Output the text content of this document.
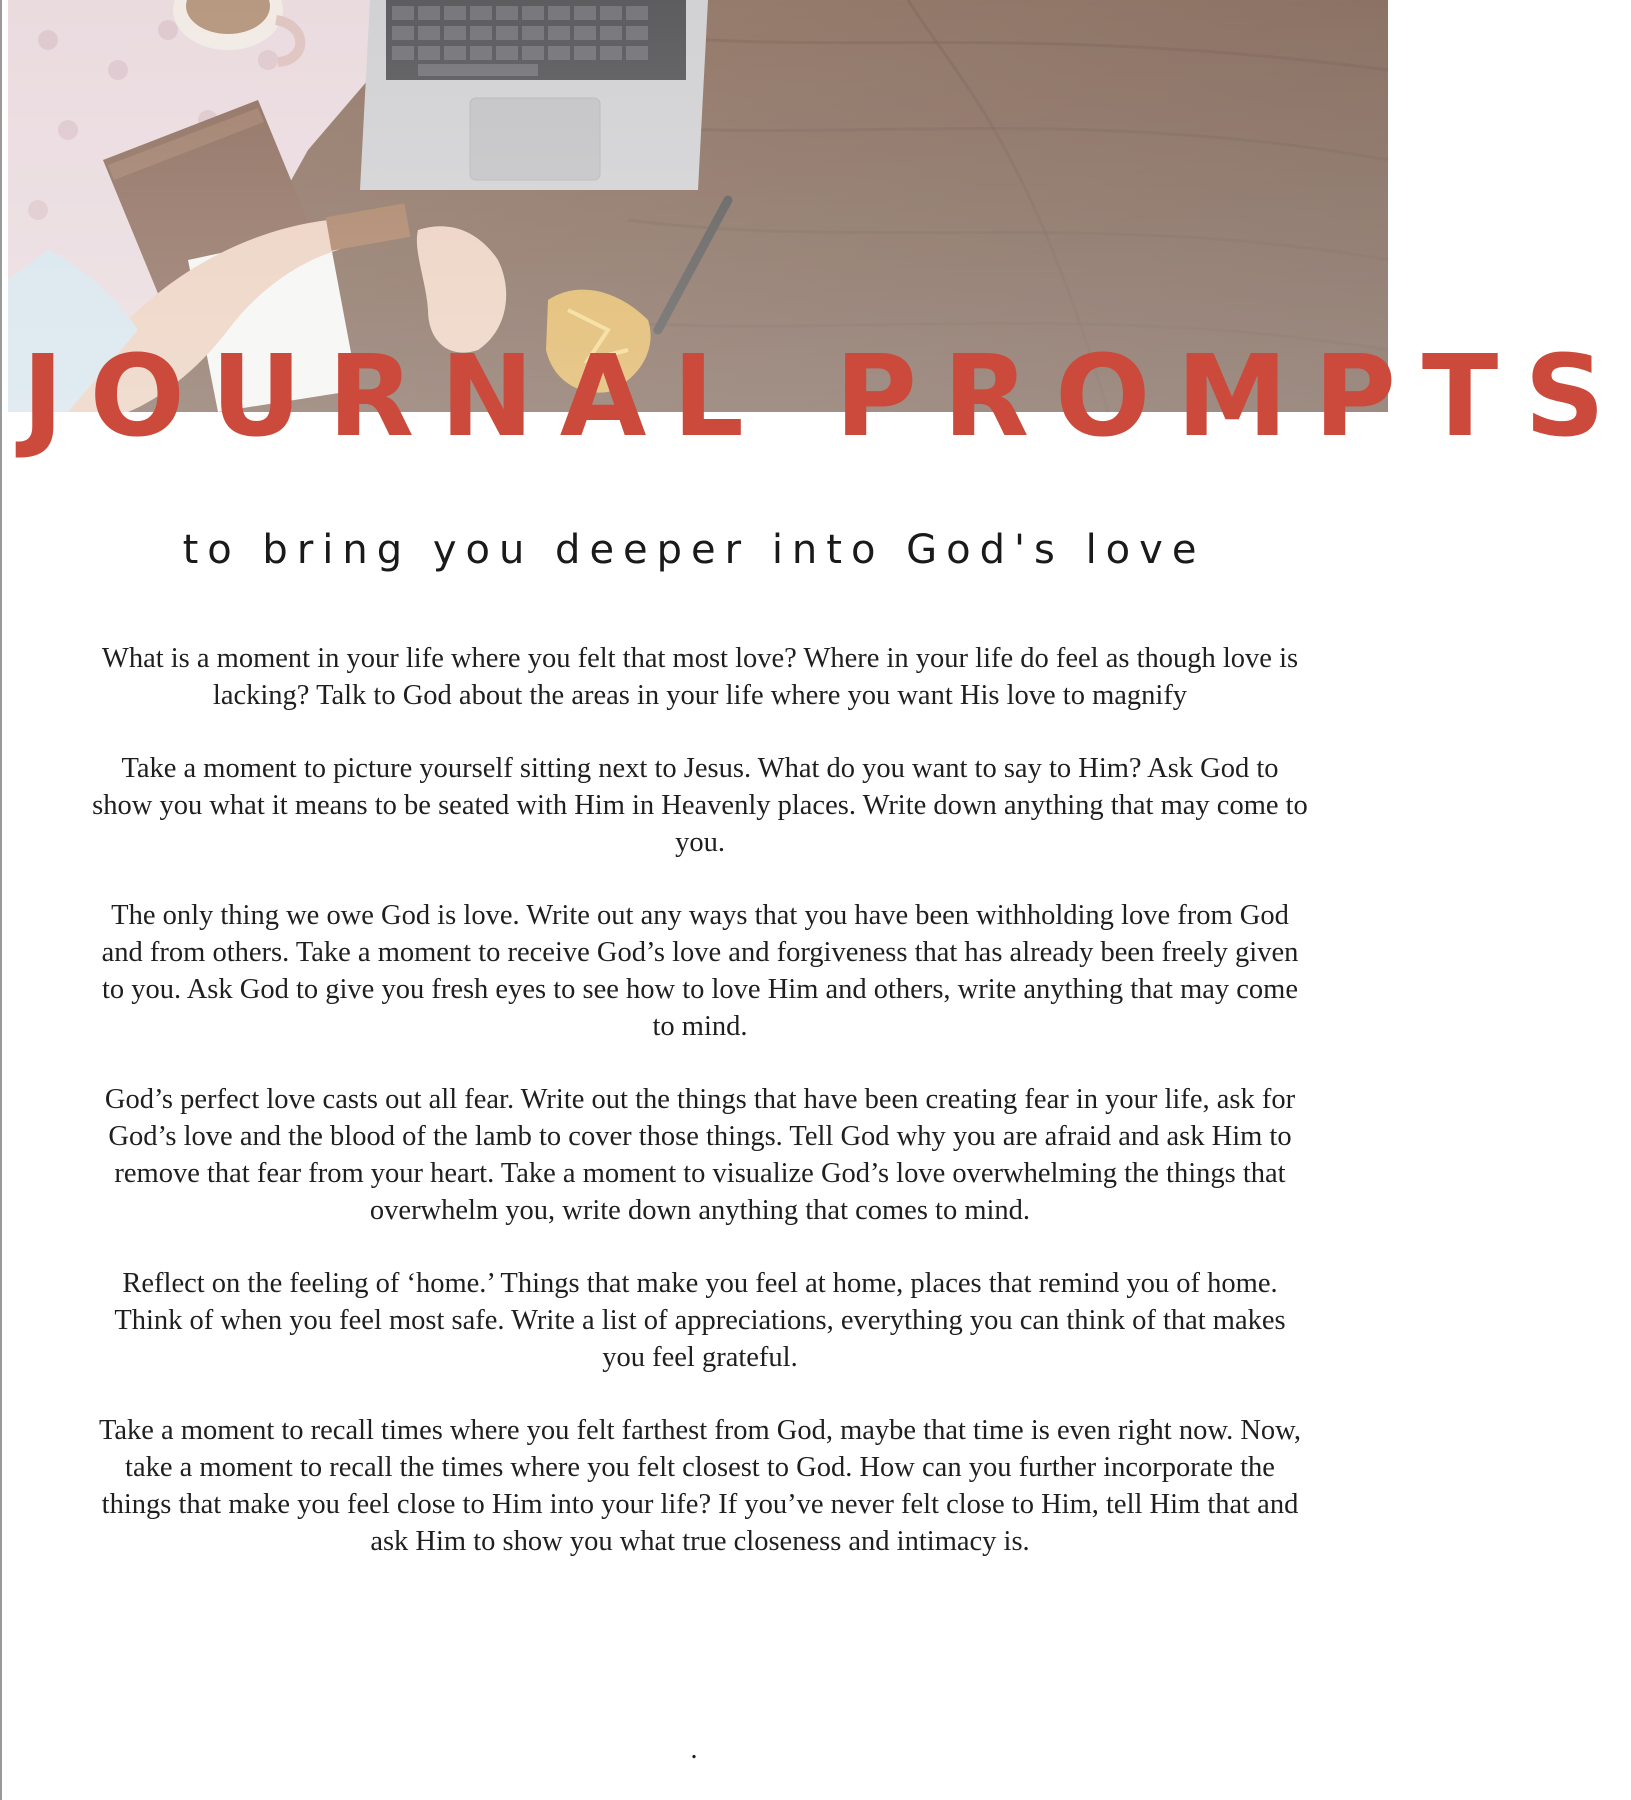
JOURNAL PROMPTS
to bring you deeper into God's love

What is a moment in your life where you felt that most love? Where in your life do feel as though love is lacking? Talk to God about the areas in your life where you want His love to magnify

Take a moment to picture yourself sitting next to Jesus. What do you want to say to Him? Ask God to show you what it means to be seated with Him in Heavenly places. Write down anything that may come to you.

The only thing we owe God is love. Write out any ways that you have been withholding love from God and from others. Take a moment to receive God’s love and forgiveness that has already been freely given to you. Ask God to give you fresh eyes to see how to love Him and others, write anything that may come to mind.

God’s perfect love casts out all fear. Write out the things that have been creating fear in your life, ask for God’s love and the blood of the lamb to cover those things. Tell God why you are afraid and ask Him to remove that fear from your heart. Take a moment to visualize God’s love overwhelming the things that overwhelm you, write down anything that comes to mind.

Reflect on the feeling of ‘home.’ Things that make you feel at home, places that remind you of home. Think of when you feel most safe. Write a list of appreciations, everything you can think of that makes you feel grateful.

Take a moment to recall times where you felt farthest from God, maybe that time is even right now. Now, take a moment to recall the times where you felt closest to God. How can you further incorporate the things that make you feel close to Him into your life? If you’ve never felt close to Him, tell Him that and ask Him to show you what true closeness and intimacy is.

.
